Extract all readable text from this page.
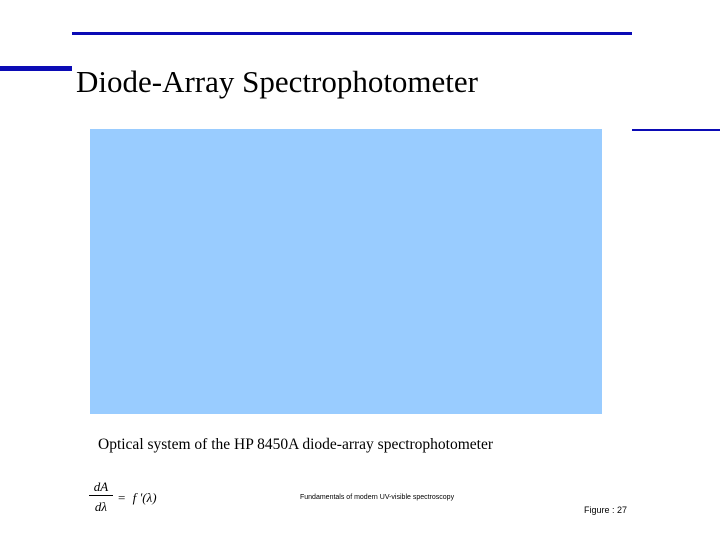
Diode-Array Spectrophotometer
Optical system of the HP 8450A diode-array spectrophotometer
dA
dλ
= f ′(λ)	Fundamentals of modern UV-visible spectroscopy
Figure : 27
